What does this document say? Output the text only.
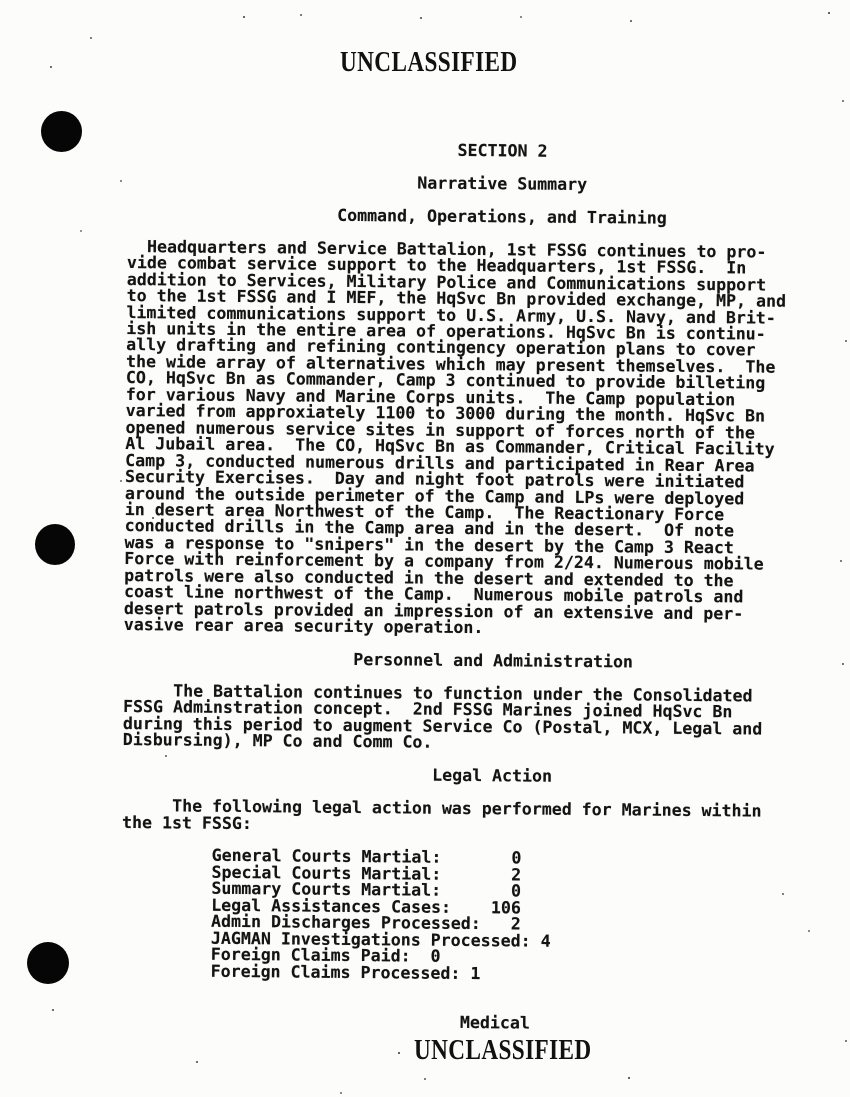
UNCLASSIFIED
SECTION 2

Narrative Summary

Command, Operations, and Training

Headquarters and Service Battalion, 1st FSSG continues to pro-
vide combat service support to the Headquarters, 1st FSSG.  In
addition to Services, Military Police and Communications support
to the 1st FSSG and I MEF, the HqSvc Bn provided exchange, MP, and
limited communications support to U.S. Army, U.S. Navy, and Brit-
ish units in the entire area of operations. HqSvc Bn is continu-
ally drafting and refining contingency operation plans to cover
the wide array of alternatives which may present themselves.  The
CO, HqSvc Bn as Commander, Camp 3 continued to provide billeting
for various Navy and Marine Corps units.  The Camp population
varied from approxiately 1100 to 3000 during the month. HqSvc Bn
opened numerous service sites in support of forces north of the
Al Jubail area.  The CO, HqSvc Bn as Commander, Critical Facility
Camp 3, conducted numerous drills and participated in Rear Area
Security Exercises.  Day and night foot patrols were initiated
around the outside perimeter of the Camp and LPs were deployed
in desert area Northwest of the Camp.  The Reactionary Force
conducted drills in the Camp area and in the desert.  Of note
was a response to "snipers" in the desert by the Camp 3 React
Force with reinforcement by a company from 2/24. Numerous mobile
patrols were also conducted in the desert and extended to the
coast line northwest of the Camp.  Numerous mobile patrols and
desert patrols provided an impression of an extensive and per-
vasive rear area security operation.

Personnel and Administration

The Battalion continues to function under the Consolidated
FSSG Adminstration concept.  2nd FSSG Marines joined HqSvc Bn
during this period to augment Service Co (Postal, MCX, Legal and
Disbursing), MP Co and Comm Co.

Legal Action

The following legal action was performed for Marines within
the 1st FSSG:

General Courts Martial:       0
Special Courts Martial:       2
Summary Courts Martial:       0
Legal Assistances Cases:    106
Admin Discharges Processed:   2
JAGMAN Investigations Processed: 4
Foreign Claims Paid:  0
Foreign Claims Processed: 1

Medical
UNCLASSIFIED
